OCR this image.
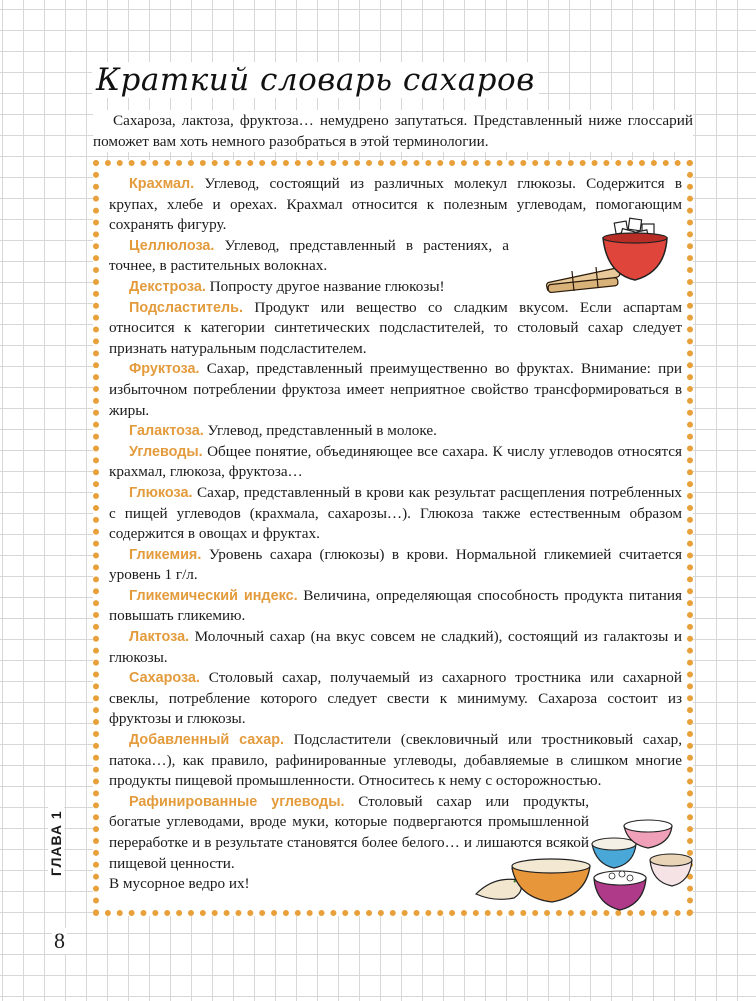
Краткий словарь сахаров

Сахароза, лактоза, фруктоза… немудрено запутаться. Представленный ниже глоссарий поможет вам хоть немного разобраться в этой терминологии.

Крахмал. Углевод, состоящий из различных молекул глюкозы. Содержится в крупах, хлебе и орехах. Крахмал относится к полезным углеводам, помогающим сохранять фигуру.

Целлюлоза. Углевод, представленный в растениях, а точнее, в растительных волокнах.

Декстроза. Попросту другое название глюкозы!

Подсластитель. Продукт или вещество со сладким вкусом. Если аспартам относится к категории синтетических подсластителей, то столовый сахар следует признать натуральным подсластителем.

Фруктоза. Сахар, представленный преимущественно во фруктах. Внимание: при избыточном потреблении фруктоза имеет неприятное свойство трансформироваться в жиры.

Галактоза. Углевод, представленный в молоке.

Углеводы. Общее понятие, объединяющее все сахара. К числу углеводов относятся крахмал, глюкоза, фруктоза…

Глюкоза. Сахар, представленный в крови как результат расщепления потребленных с пищей углеводов (крахмала, сахарозы…). Глюкоза также естественным образом содержится в овощах и фруктах.

Гликемия. Уровень сахара (глюкозы) в крови. Нормальной гликемией считается уровень 1 г/л.

Гликемический индекс. Величина, определяющая способность продукта питания повышать гликемию.

Лактоза. Молочный сахар (на вкус совсем не сладкий), состоящий из галактозы и глюкозы.

Сахароза. Столовый сахар, получаемый из сахарного тростника или сахарной свеклы, потребление которого следует свести к минимуму. Сахароза состоит из фруктозы и глюкозы.

Добавленный сахар. Подсластители (свекловичный или тростниковый сахар, патока…), как правило, рафинированные углеводы, добавляемые в слишком многие продукты пищевой промышленности. Относитесь к нему с осторожностью.

Рафинированные углеводы. Столовый сахар или продукты, богатые углеводами, вроде муки, которые подвергаются промышленной переработке и в результате становятся более белого… и лишаются всякой пищевой ценности.

В мусорное ведро их!

ГЛАВА 1
8
